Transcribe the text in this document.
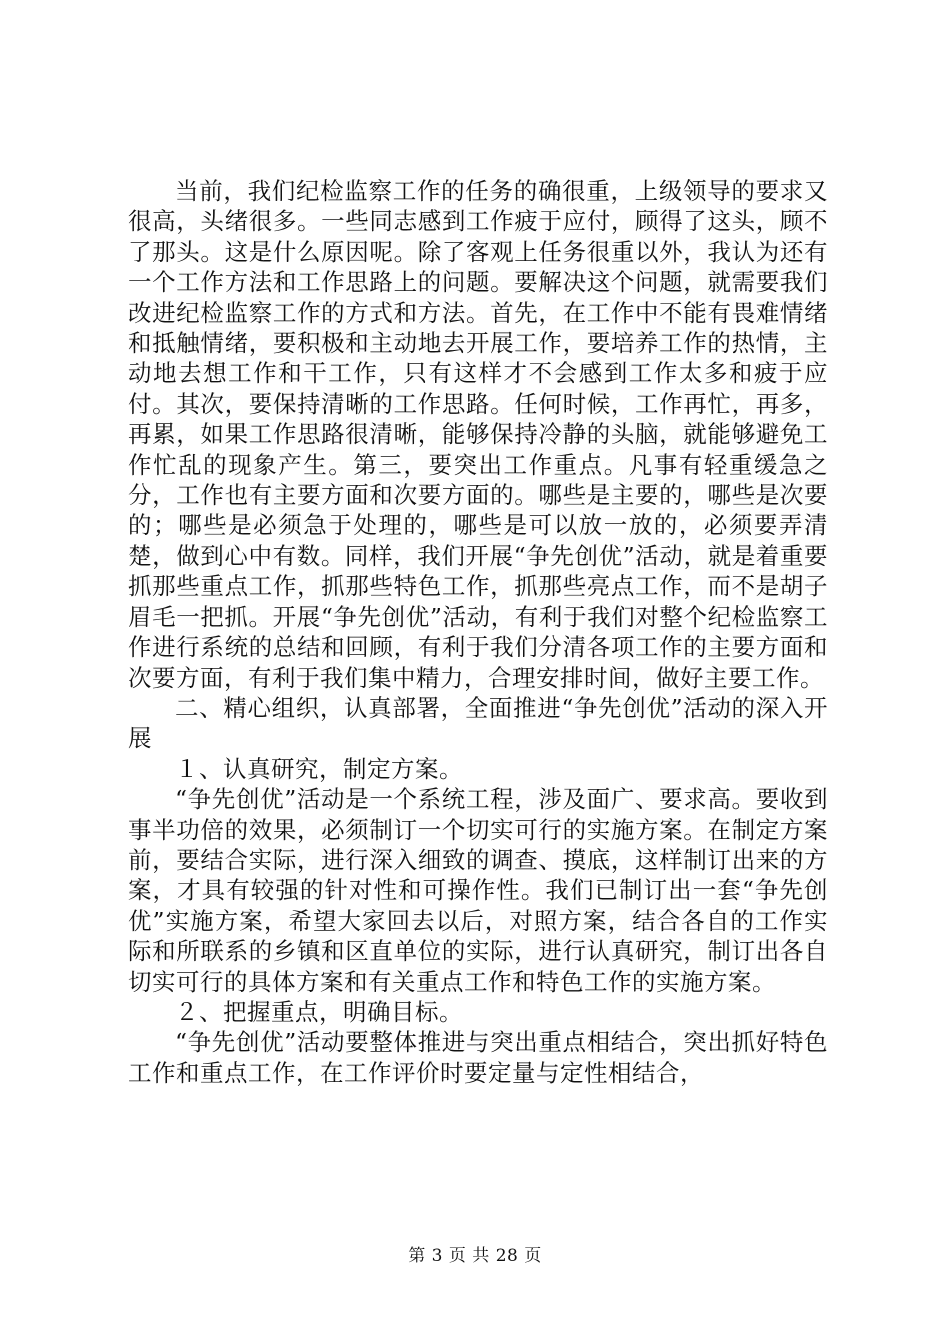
当前，我们纪检监察工作的任务的确很重，上级领导的要求又很高，头绪很多。一些同志感到工作疲于应付，顾得了这头，顾不了那头。这是什么原因呢。除了客观上任务很重以外，我认为还有一个工作方法和工作思路上的问题。要解决这个问题，就需要我们改进纪检监察工作的方式和方法。首先，在工作中不能有畏难情绪和抵触情绪，要积极和主动地去开展工作，要培养工作的热情，主动地去想工作和干工作，只有这样才不会感到工作太多和疲于应付。其次，要保持清晰的工作思路。任何时候，工作再忙，再多，再累，如果工作思路很清晰，能够保持冷静的头脑，就能够避免工作忙乱的现象产生。第三，要突出工作重点。凡事有轻重缓急之分，工作也有主要方面和次要方面的。哪些是主要的，哪些是次要的；哪些是必须急于处理的，哪些是可以放一放的，必须要弄清楚，做到心中有数。同样，我们开展“争先创优”活动，就是着重要抓那些重点工作，抓那些特色工作，抓那些亮点工作，而不是胡子眉毛一把抓。开展“争先创优”活动，有利于我们对整个纪检监察工作进行系统的总结和回顾，有利于我们分清各项工作的主要方面和次要方面，有利于我们集中精力，合理安排时间，做好主要工作。

二、精心组织，认真部署，全面推进“争先创优”活动的深入开展

１、认真研究，制定方案。

“争先创优”活动是一个系统工程，涉及面广、要求高。要收到事半功倍的效果，必须制订一个切实可行的实施方案。在制定方案前，要结合实际，进行深入细致的调查、摸底，这样制订出来的方案，才具有较强的针对性和可操作性。我们已制订出一套“争先创优”实施方案，希望大家回去以后，对照方案，结合各自的工作实际和所联系的乡镇和区直单位的实际，进行认真研究，制订出各自切实可行的具体方案和有关重点工作和特色工作的实施方案。

２、把握重点，明确目标。

“争先创优”活动要整体推进与突出重点相结合，突出抓好特色工作和重点工作，在工作评价时要定量与定性相结合，

第 3 页 共 28 页
